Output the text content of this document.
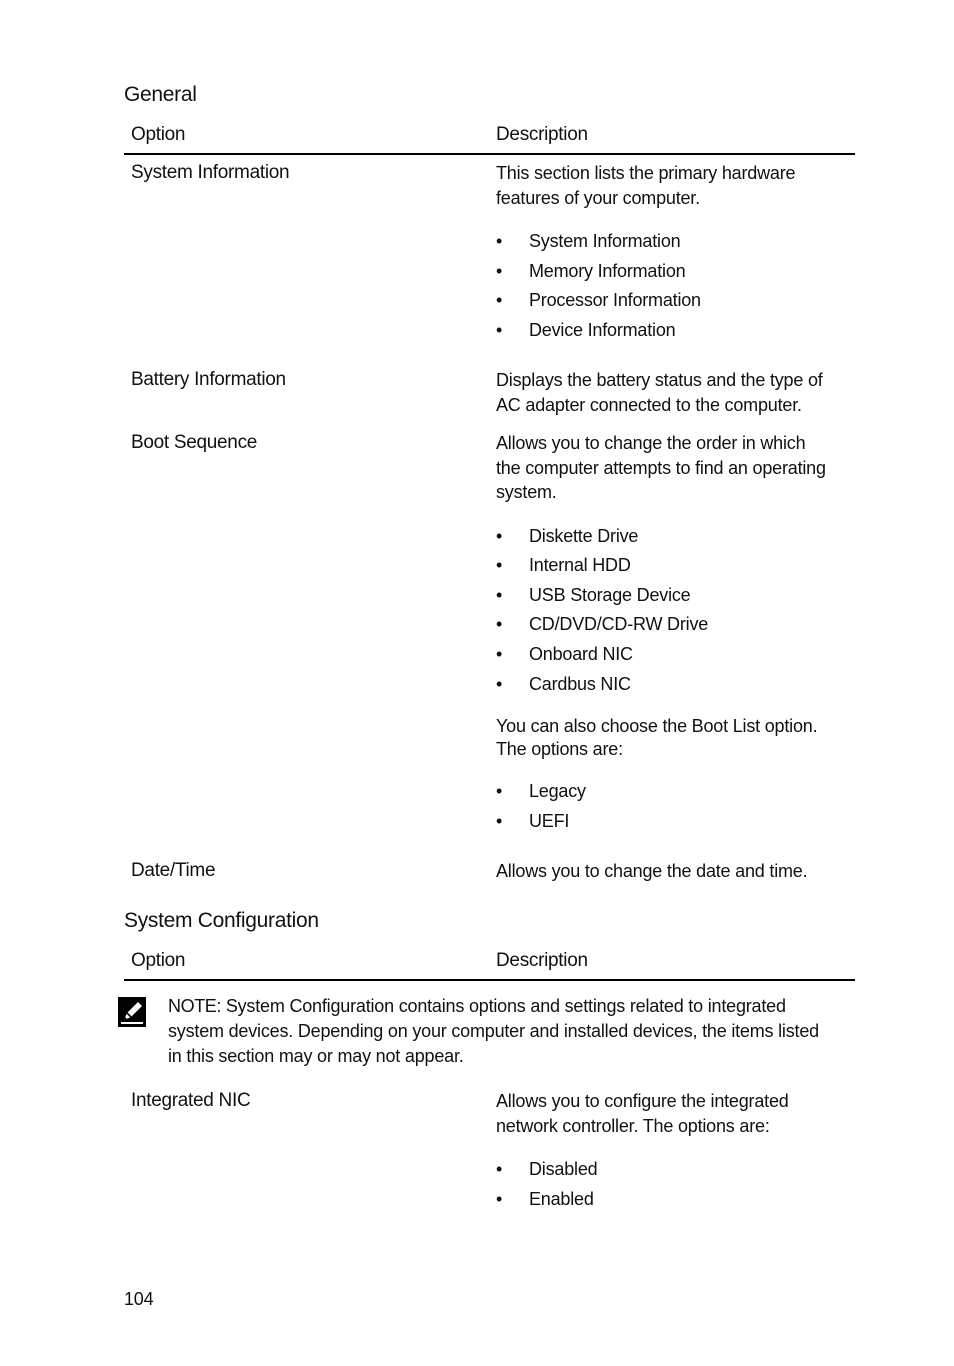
General
Option	Description
System Information	This section lists the primary hardware
features of your computer.
• System Information
• Memory Information
• Processor Information
• Device Information
Battery Information	Displays the battery status and the type of
AC adapter connected to the computer.
Boot Sequence	Allows you to change the order in which
the computer attempts to find an operating
system.
• Diskette Drive
• Internal HDD
• USB Storage Device
• CD/DVD/CD-RW Drive
• Onboard NIC
• Cardbus NIC
You can also choose the Boot List option.
The options are:
• Legacy
• UEFI
Date/Time	Allows you to change the date and time.
System Configuration
Option	Description
NOTE: System Configuration contains options and settings related to integrated
system devices. Depending on your computer and installed devices, the items listed
in this section may or may not appear.
Integrated NIC	Allows you to configure the integrated
network controller. The options are:
• Disabled
• Enabled
104
